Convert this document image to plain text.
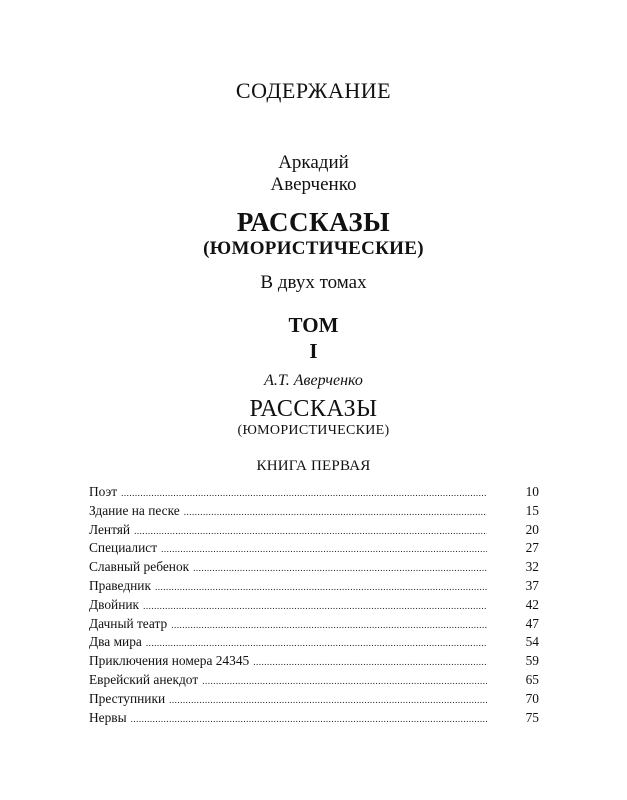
СОДЕРЖАНИЕ
Аркадий
Аверченко
РАССКАЗЫ
(ЮМОРИСТИЧЕСКИЕ)
В двух томах
ТОМ
I
А.Т. Аверченко
РАССКАЗЫ
(ЮМОРИСТИЧЕСКИЕ)
КНИГА ПЕРВАЯ
Поэт .....	10
Здание на песке .....	15
Лентяй .....	20
Специалист .....	27
Славный ребенок .....	32
Праведник .....	37
Двойник .....	42
Дачный театр .....	47
Два мира .....	54
Приключения номера 24345 .....	59
Еврейский анекдот .....	65
Преступники .....	70
Нервы .....	75
